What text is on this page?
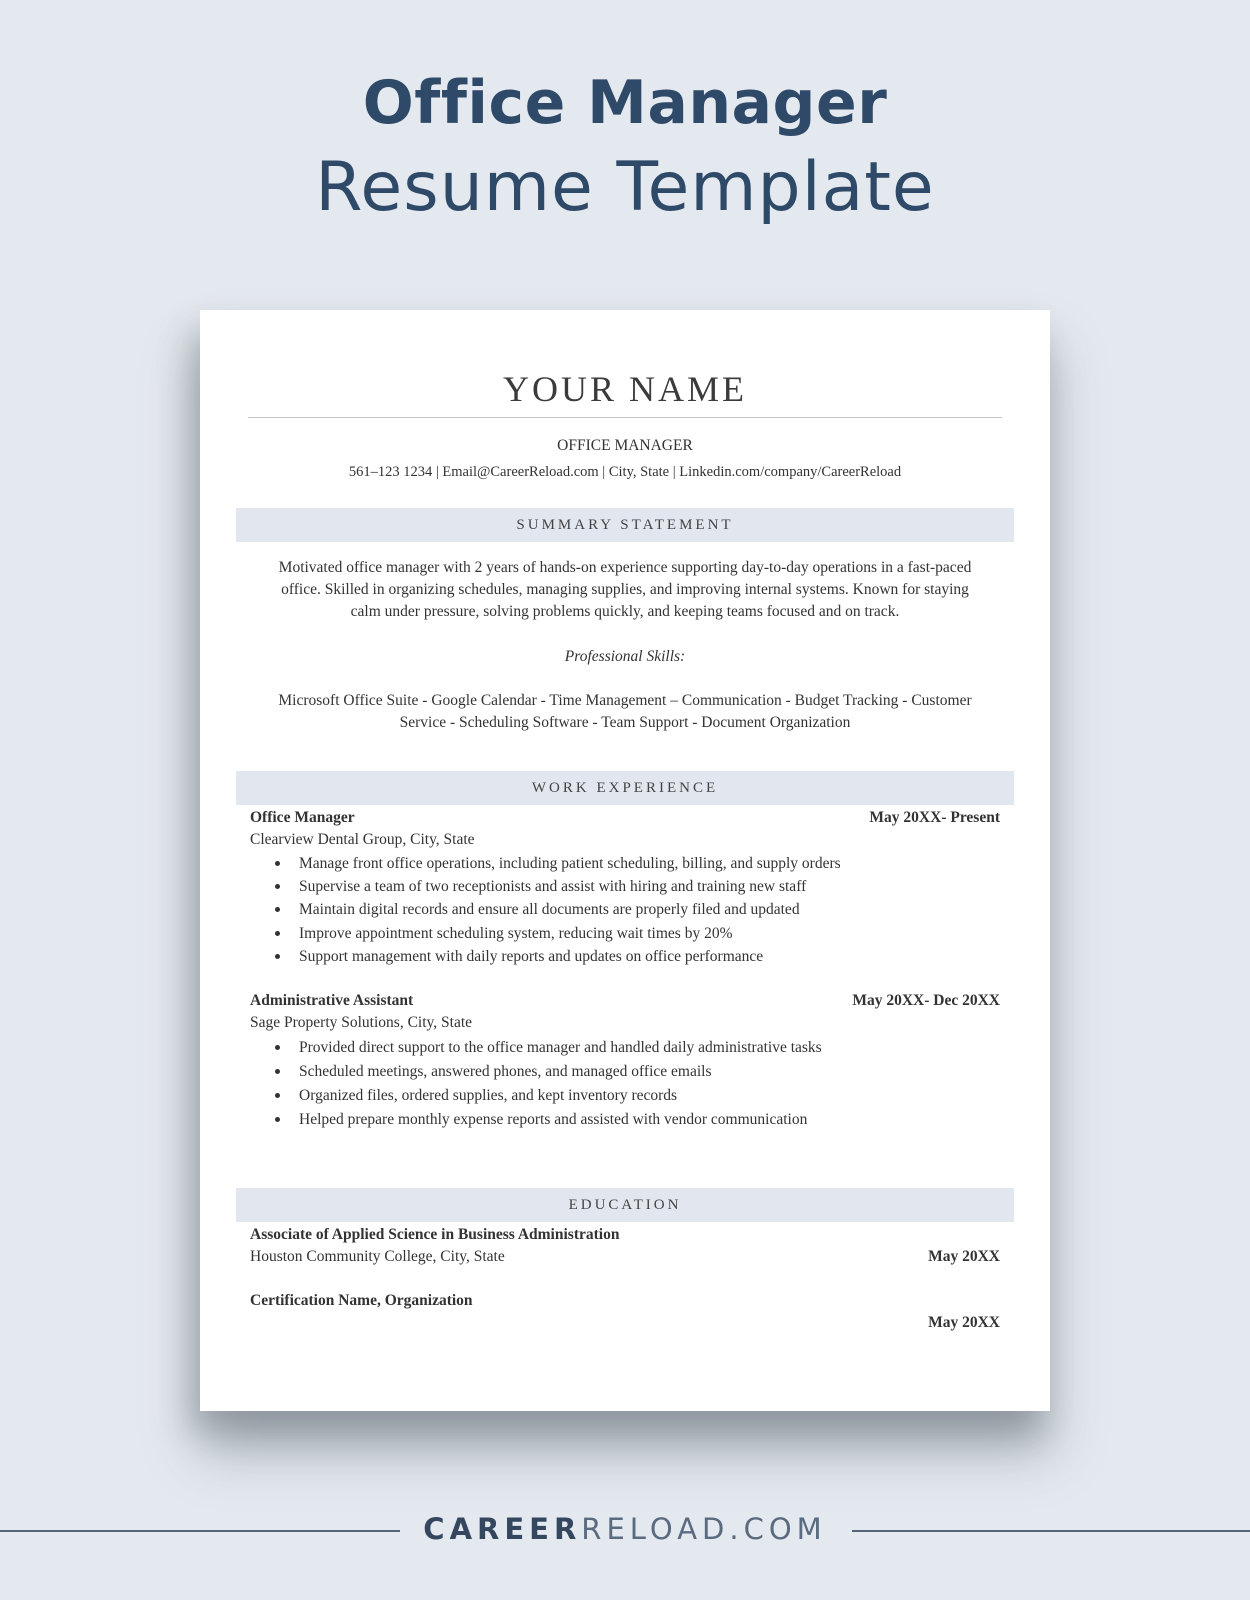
Office Manager
Resume Template
YOUR NAME
OFFICE MANAGER
561–123 1234 | Email@CareerReload.com | City, State | Linkedin.com/company/CareerReload
SUMMARY STATEMENT
Motivated office manager with 2 years of hands-on experience supporting day-to-day operations in a fast-paced
office. Skilled in organizing schedules, managing supplies, and improving internal systems. Known for staying
calm under pressure, solving problems quickly, and keeping teams focused and on track.
Professional Skills:
Microsoft Office Suite - Google Calendar - Time Management – Communication - Budget Tracking - Customer
Service - Scheduling Software - Team Support - Document Organization
WORK EXPERIENCE
Office Manager	May 20XX- Present
Clearview Dental Group, City, State
Manage front office operations, including patient scheduling, billing, and supply orders
Supervise a team of two receptionists and assist with hiring and training new staff
Maintain digital records and ensure all documents are properly filed and updated
Improve appointment scheduling system, reducing wait times by 20%
Support management with daily reports and updates on office performance
Administrative Assistant	May 20XX- Dec 20XX
Sage Property Solutions, City, State
Provided direct support to the office manager and handled daily administrative tasks
Scheduled meetings, answered phones, and managed office emails
Organized files, ordered supplies, and kept inventory records
Helped prepare monthly expense reports and assisted with vendor communication
EDUCATION
Associate of Applied Science in Business Administration
Houston Community College, City, State	May 20XX
Certification Name, Organization
May 20XX
CAREERRELOAD.COM
